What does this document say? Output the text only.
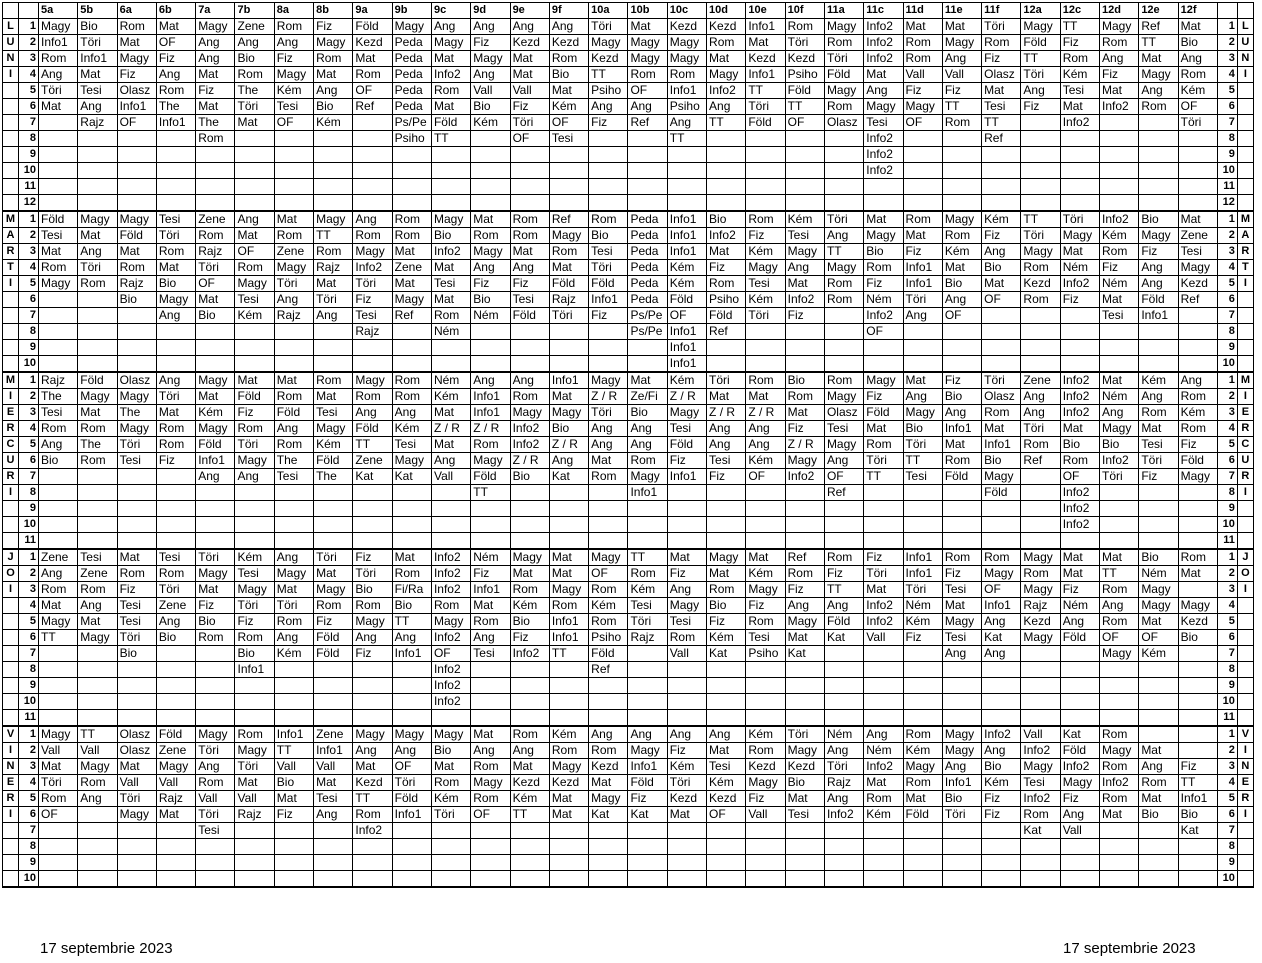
		5a	5b	6a	6b	7a	7b	8a	8b	9a	9b	9c	9d	9e	9f	10a	10b	10c	10d	10e	10f	11a	11c	11d	11e	11f	12a	12c	12d	12e	12f		
L	1	Magy	Bio	Rom	Mat	Magy	Zene	Rom	Fiz	Föld	Magy	Ang	Ang	Ang	Ang	Töri	Mat	Kezd	Kezd	Info1	Rom	Magy	Info2	Mat	Mat	Töri	Magy	TT	Magy	Ref	Mat	1	L
U	2	Info1	Töri	Mat	OF	Ang	Ang	Ang	Magy	Kezd	Peda	Magy	Fiz	Kezd	Kezd	Magy	Magy	Magy	Rom	Mat	Töri	Rom	Info2	Rom	Magy	Rom	Föld	Fiz	Rom	TT	Bio	2	U
N	3	Rom	Info1	Magy	Fiz	Ang	Bio	Fiz	Rom	Mat	Peda	Mat	Magy	Mat	Rom	Kezd	Magy	Magy	Mat	Kezd	Kezd	Töri	Info2	Rom	Ang	Fiz	TT	Rom	Ang	Mat	Ang	3	N
I	4	Ang	Mat	Fiz	Ang	Mat	Rom	Magy	Mat	Rom	Peda	Info2	Ang	Mat	Bio	TT	Rom	Rom	Magy	Info1	Psiho	Föld	Mat	Vall	Vall	Olasz	Töri	Kém	Fiz	Magy	Rom	4	I
	5	Töri	Tesi	Olasz	Rom	Fiz	The	Kém	Ang	OF	Peda	Rom	Vall	Vall	Mat	Psiho	OF	Info1	Info2	TT	Föld	Magy	Ang	Fiz	Fiz	Mat	Ang	Tesi	Mat	Ang	Kém	5	
	6	Mat	Ang	Info1	The	Mat	Töri	Tesi	Bio	Ref	Peda	Mat	Bio	Fiz	Kém	Ang	Ang	Psiho	Ang	Töri	TT	Rom	Magy	Magy	TT	Tesi	Fiz	Mat	Info2	Rom	OF	6	
	7		Rajz	OF	Info1	The	Mat	OF	Kém		Ps/Pe	Föld	Kém	Töri	OF	Fiz	Ref	Ang	TT	Föld	OF	Olasz	Tesi	OF	Rom	TT		Info2			Töri	7	
	8					Rom					Psiho	TT		OF	Tesi			TT					Info2			Ref						8	
	9																						Info2									9	
	10																						Info2									10	
	11																															11	
	12																															12	
M	1	Föld	Magy	Magy	Tesi	Zene	Ang	Mat	Magy	Ang	Rom	Magy	Mat	Rom	Ref	Rom	Peda	Info1	Bio	Rom	Kém	Töri	Mat	Rom	Magy	Kém	TT	Töri	Info2	Bio	Mat	1	M
A	2	Tesi	Mat	Föld	Töri	Rom	Mat	Rom	TT	Rom	Rom	Bio	Rom	Rom	Magy	Bio	Peda	Info1	Info2	Fiz	Tesi	Ang	Magy	Mat	Rom	Fiz	Töri	Magy	Kém	Magy	Zene	2	A
R	3	Mat	Ang	Mat	Rom	Rajz	OF	Zene	Rom	Magy	Mat	Info2	Magy	Mat	Rom	Tesi	Peda	Info1	Mat	Kém	Magy	TT	Bio	Fiz	Kém	Ang	Magy	Mat	Rom	Fiz	Tesi	3	R
T	4	Rom	Töri	Rom	Mat	Töri	Rom	Magy	Rajz	Info2	Zene	Mat	Ang	Ang	Mat	Töri	Peda	Kém	Fiz	Magy	Ang	Magy	Rom	Info1	Mat	Bio	Rom	Ném	Fiz	Ang	Magy	4	T
I	5	Magy	Rom	Rajz	Bio	OF	Magy	Töri	Mat	Töri	Mat	Tesi	Fiz	Fiz	Föld	Föld	Peda	Kém	Rom	Tesi	Mat	Rom	Fiz	Info1	Bio	Mat	Kezd	Info2	Ném	Ang	Kezd	5	I
	6			Bio	Magy	Mat	Tesi	Ang	Töri	Fiz	Magy	Mat	Bio	Tesi	Rajz	Info1	Peda	Föld	Psiho	Kém	Info2	Rom	Ném	Töri	Ang	OF	Rom	Fiz	Mat	Föld	Ref	6	
	7				Ang	Bio	Kém	Rajz	Ang	Tesi	Ref	Rom	Ném	Föld	Töri	Fiz	Ps/Pe	OF	Föld	Töri	Fiz		Info2	Ang	OF				Tesi	Info1		7	
	8									Rajz		Ném					Ps/Pe	Info1	Ref				OF									8	
	9																	Info1														9	
	10																	Info1														10	
M	1	Rajz	Föld	Olasz	Ang	Magy	Mat	Mat	Rom	Magy	Rom	Ném	Ang	Ang	Info1	Magy	Mat	Kém	Töri	Rom	Bio	Rom	Magy	Mat	Fiz	Töri	Zene	Info2	Mat	Kém	Ang	1	M
I	2	The	Magy	Magy	Töri	Mat	Föld	Rom	Mat	Rom	Rom	Kém	Info1	Rom	Mat	Z / R	Ze/Fi	Z / R	Mat	Mat	Rom	Magy	Fiz	Ang	Bio	Olasz	Ang	Info2	Ném	Ang	Rom	2	I
E	3	Tesi	Mat	The	Mat	Kém	Fiz	Föld	Tesi	Ang	Ang	Mat	Info1	Magy	Magy	Töri	Bio	Magy	Z / R	Z / R	Mat	Olasz	Föld	Magy	Ang	Rom	Ang	Info2	Ang	Rom	Kém	3	E
R	4	Rom	Rom	Magy	Rom	Magy	Rom	Ang	Magy	Föld	Kém	Z / R	Z / R	Info2	Bio	Ang	Ang	Tesi	Ang	Ang	Fiz	Tesi	Mat	Bio	Info1	Mat	Töri	Mat	Magy	Mat	Rom	4	R
C	5	Ang	The	Töri	Rom	Föld	Töri	Rom	Kém	TT	Tesi	Mat	Rom	Info2	Z / R	Ang	Ang	Föld	Ang	Ang	Z / R	Magy	Rom	Töri	Mat	Info1	Rom	Bio	Bio	Tesi	Fiz	5	C
U	6	Bio	Rom	Tesi	Fiz	Info1	Magy	The	Föld	Zene	Magy	Ang	Magy	Z / R	Ang	Mat	Rom	Fiz	Tesi	Kém	Magy	Ang	Töri	TT	Rom	Bio	Ref	Rom	Info2	Töri	Föld	6	U
R	7					Ang	Ang	Tesi	The	Kat	Kat	Vall	Föld	Bio	Kat	Rom	Magy	Info1	Fiz	OF	Info2	OF	TT	Tesi	Föld	Magy		OF	Töri	Fiz	Magy	7	R
I	8												TT				Info1					Ref				Föld		Info2				8	I
	9																											Info2				9	
	10																											Info2				10	
	11																															11	
J	1	Zene	Tesi	Mat	Tesi	Töri	Kém	Ang	Töri	Fiz	Mat	Info2	Ném	Magy	Mat	Magy	TT	Mat	Magy	Mat	Ref	Rom	Fiz	Info1	Rom	Rom	Magy	Mat	Mat	Bio	Rom	1	J
O	2	Ang	Zene	Rom	Rom	Magy	Tesi	Magy	Mat	Töri	Rom	Info2	Fiz	Mat	Mat	OF	Rom	Fiz	Mat	Kém	Rom	Fiz	Töri	Info1	Fiz	Magy	Rom	Mat	TT	Ném	Mat	2	O
I	3	Rom	Rom	Fiz	Töri	Mat	Magy	Mat	Magy	Bio	Fi/Ra	Info2	Info1	Rom	Magy	Rom	Kém	Ang	Rom	Magy	Fiz	TT	Mat	Töri	Tesi	OF	Magy	Fiz	Rom	Magy		3	I
	4	Mat	Ang	Tesi	Zene	Fiz	Töri	Töri	Rom	Rom	Bio	Rom	Mat	Kém	Rom	Kém	Tesi	Magy	Bio	Fiz	Ang	Ang	Info2	Ném	Mat	Info1	Rajz	Ném	Ang	Magy	Magy	4	
	5	Magy	Mat	Tesi	Ang	Bio	Fiz	Rom	Fiz	Magy	TT	Magy	Rom	Bio	Info1	Rom	Töri	Tesi	Fiz	Rom	Magy	Föld	Info2	Kém	Magy	Ang	Kezd	Ang	Rom	Mat	Kezd	5	
	6	TT	Magy	Töri	Bio	Rom	Rom	Ang	Föld	Ang	Ang	Info2	Ang	Fiz	Info1	Psiho	Rajz	Rom	Kém	Tesi	Mat	Kat	Vall	Fiz	Tesi	Kat	Magy	Föld	OF	OF	Bio	6	
	7			Bio			Bio	Kém	Föld	Fiz	Info1	OF	Tesi	Info2	TT	Föld		Vall	Kat	Psiho	Kat				Ang	Ang			Magy	Kém		7	
	8						Info1					Info2				Ref																8	
	9											Info2																				9	
	10											Info2																				10	
	11																															11	
V	1	Magy	TT	Olasz	Föld	Magy	Rom	Info1	Zene	Magy	Magy	Magy	Mat	Rom	Kém	Ang	Ang	Ang	Ang	Kém	Töri	Ném	Ang	Rom	Magy	Info2	Vall	Kat	Rom			1	V
I	2	Vall	Vall	Olasz	Zene	Töri	Magy	TT	Info1	Ang	Ang	Bio	Ang	Ang	Rom	Rom	Magy	Fiz	Mat	Rom	Magy	Ang	Ném	Kém	Magy	Ang	Info2	Föld	Magy	Mat		2	I
N	3	Mat	Magy	Mat	Magy	Ang	Töri	Vall	Vall	Mat	OF	Mat	Rom	Mat	Magy	Kezd	Info1	Kém	Tesi	Kezd	Kezd	Töri	Info2	Magy	Ang	Bio	Magy	Info2	Rom	Ang	Fiz	3	N
E	4	Töri	Rom	Vall	Vall	Rom	Mat	Bio	Mat	Kezd	Töri	Rom	Magy	Kezd	Kezd	Mat	Föld	Töri	Kém	Magy	Bio	Rajz	Mat	Rom	Info1	Kém	Tesi	Magy	Info2	Rom	TT	4	E
R	5	Rom	Ang	Töri	Rajz	Vall	Vall	Mat	Tesi	TT	Föld	Kém	Rom	Kém	Mat	Magy	Fiz	Kezd	Kezd	Fiz	Mat	Ang	Rom	Mat	Bio	Fiz	Info2	Fiz	Rom	Mat	Info1	5	R
I	6	OF		Magy	Mat	Töri	Rajz	Fiz	Ang	Rom	Info1	Töri	OF	TT	Mat	Kat	Kat	Mat	OF	Vall	Tesi	Info2	Kém	Föld	Töri	Fiz	Rom	Ang	Mat	Bio	Bio	6	I
	7					Tesi				Info2																	Kat	Vall			Kat	7	
	8																															8	
	9																															9	
	10																															10	
17 septembrie 2023	17 septembrie 2023
